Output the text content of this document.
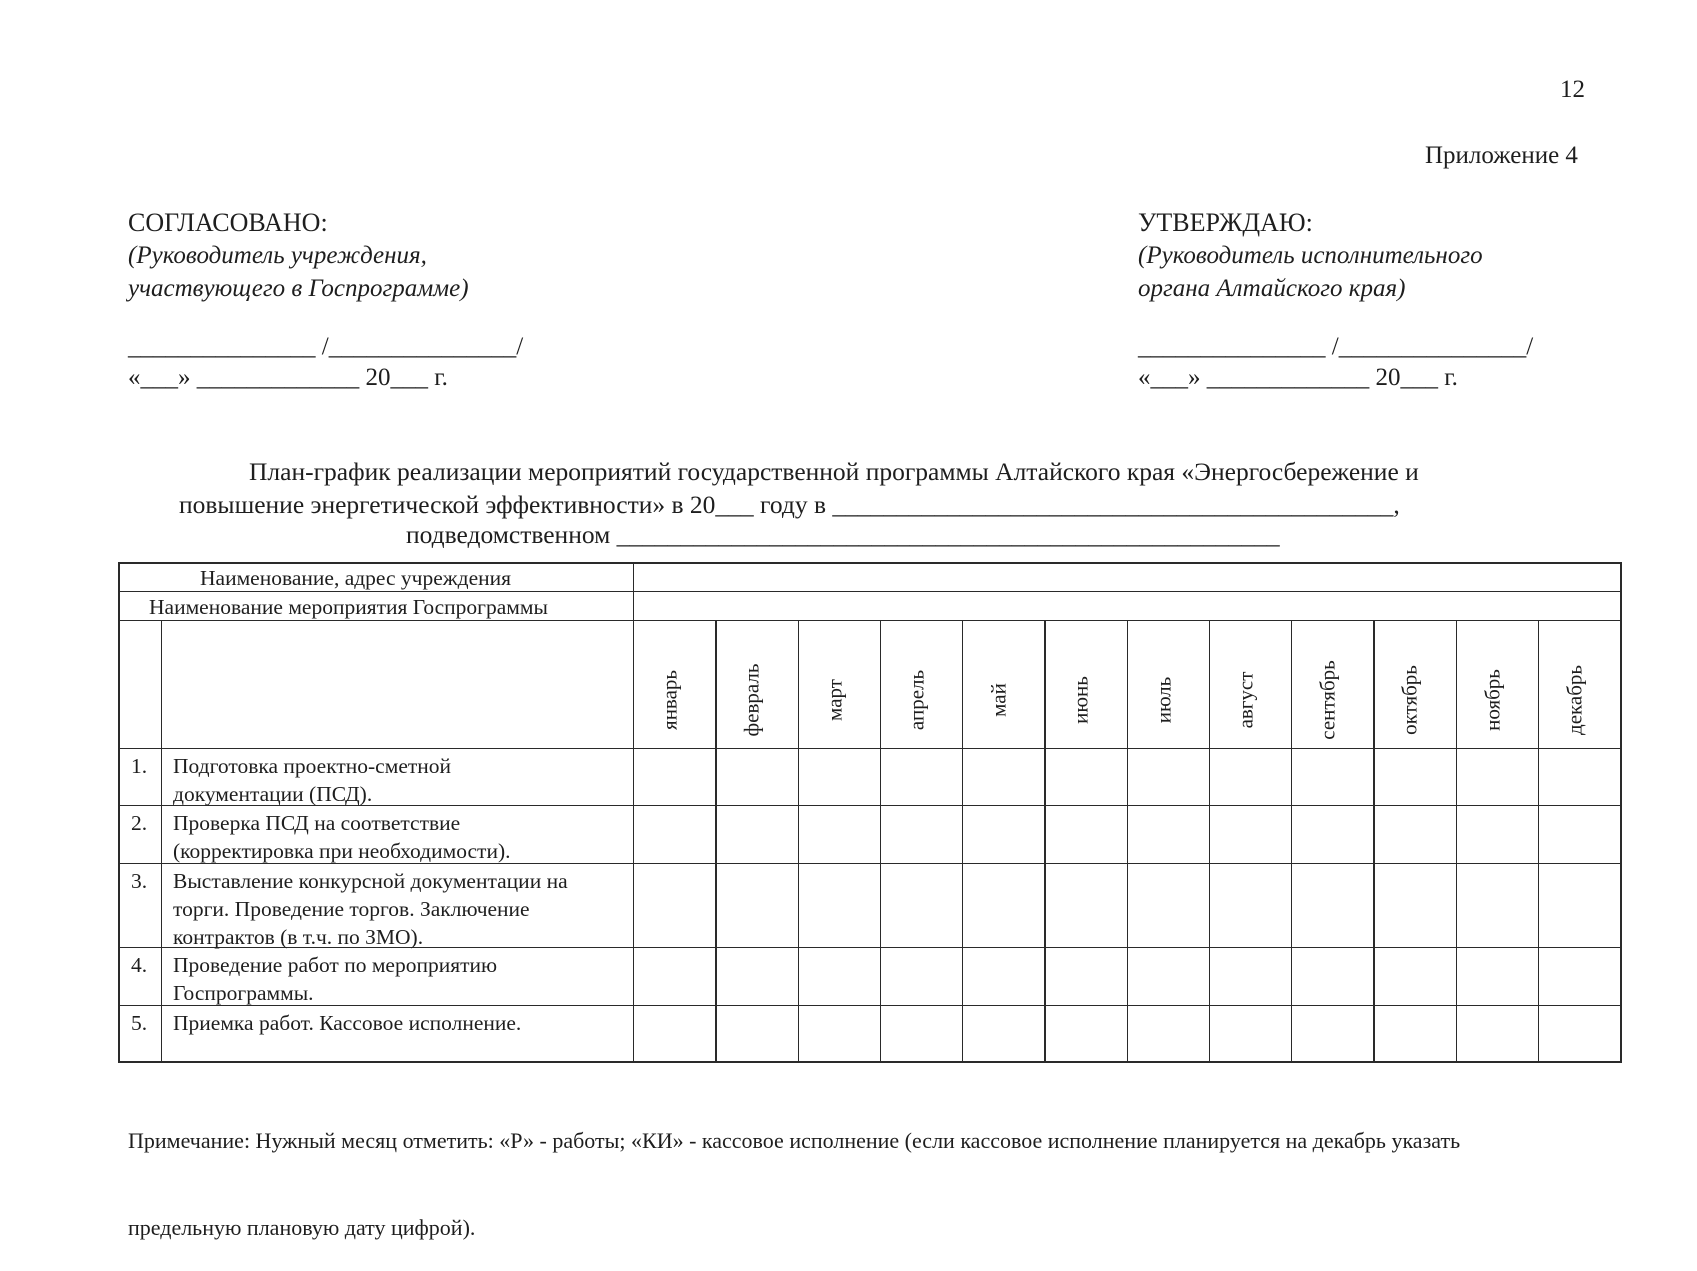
12
Приложение 4
СОГЛАСОВАНО:
(Руководитель учреждения,
участвующего в Госпрограмме)
_______________ /_______________/
«___» _____________ 20___ г.
УТВЕРЖДАЮ:
(Руководитель исполнительного
органа Алтайского края)
_______________ /_______________/
«___» _____________ 20___ г.
План-график реализации мероприятий государственной программы Алтайского края «Энергосбережение и
повышение энергетической эффективности» в 20___ году в ____________________________________________,
подведомственном ____________________________________________________
Наименование, адрес учреждения
Наименование мероприятия Госпрограммы
январь	февраль	март	апрель	май	июнь	июль	август	сентябрь	октябрь	ноябрь	декабрь
1. Подготовка проектно-сметной
документации (ПСД).
2. Проверка ПСД на соответствие
(корректировка при необходимости).
3. Выставление конкурсной документации на
торги. Проведение торгов. Заключение
контрактов (в т.ч. по ЗМО).
4. Проведение работ по мероприятию
Госпрограммы.
5. Приемка работ. Кассовое исполнение.

Примечание: Нужный месяц отметить: «Р» - работы; «КИ» - кассовое исполнение (если кассовое исполнение планируется на декабрь указать

предельную плановую дату цифрой).
